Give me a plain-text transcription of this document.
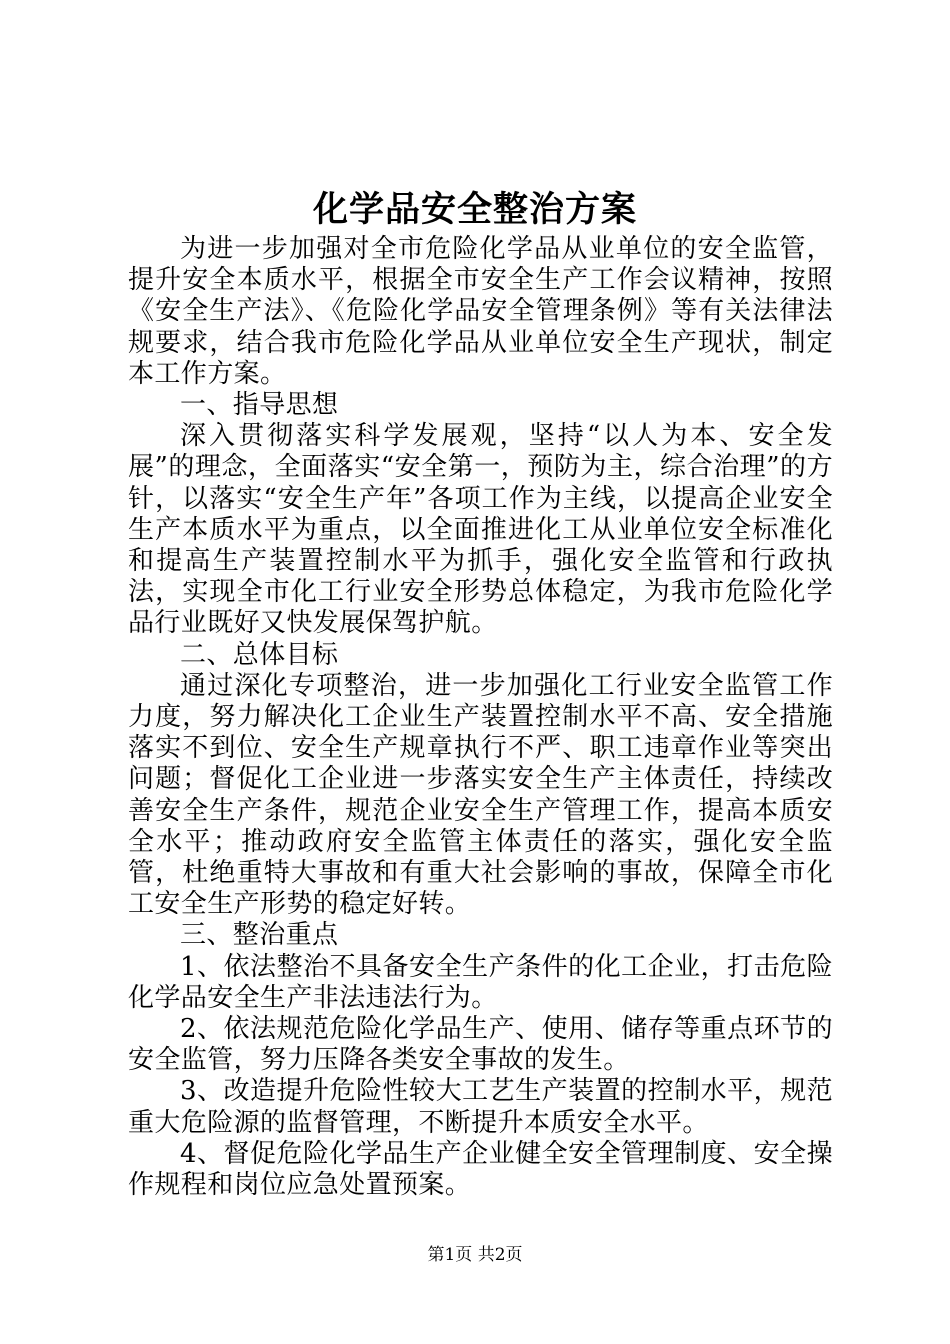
化学品安全整治方案

为进一步加强对全市危险化学品从业单位的安全监管，提升安全本质水平，根据全市安全生产工作会议精神，按照《安全生产法》、《危险化学品安全管理条例》等有关法律法规要求，结合我市危险化学品从业单位安全生产现状，制定本工作方案。

一、指导思想

深入贯彻落实科学发展观，坚持“以人为本、安全发展”的理念，全面落实“安全第一，预防为主，综合治理”的方针，以落实“安全生产年”各项工作为主线，以提高企业安全生产本质水平为重点，以全面推进化工从业单位安全标准化和提高生产装置控制水平为抓手，强化安全监管和行政执法，实现全市化工行业安全形势总体稳定，为我市危险化学品行业既好又快发展保驾护航。

二、总体目标

通过深化专项整治，进一步加强化工行业安全监管工作力度，努力解决化工企业生产装置控制水平不高、安全措施落实不到位、安全生产规章执行不严、职工违章作业等突出问题；督促化工企业进一步落实安全生产主体责任，持续改善安全生产条件，规范企业安全生产管理工作，提高本质安全水平；推动政府安全监管主体责任的落实，强化安全监管，杜绝重特大事故和有重大社会影响的事故，保障全市化工安全生产形势的稳定好转。

三、整治重点

1、依法整治不具备安全生产条件的化工企业，打击危险化学品安全生产非法违法行为。

2、依法规范危险化学品生产、使用、储存等重点环节的安全监管，努力压降各类安全事故的发生。

3、改造提升危险性较大工艺生产装置的控制水平，规范重大危险源的监督管理，不断提升本质安全水平。

4、督促危险化学品生产企业健全安全管理制度、安全操作规程和岗位应急处置预案。

第1页 共2页
